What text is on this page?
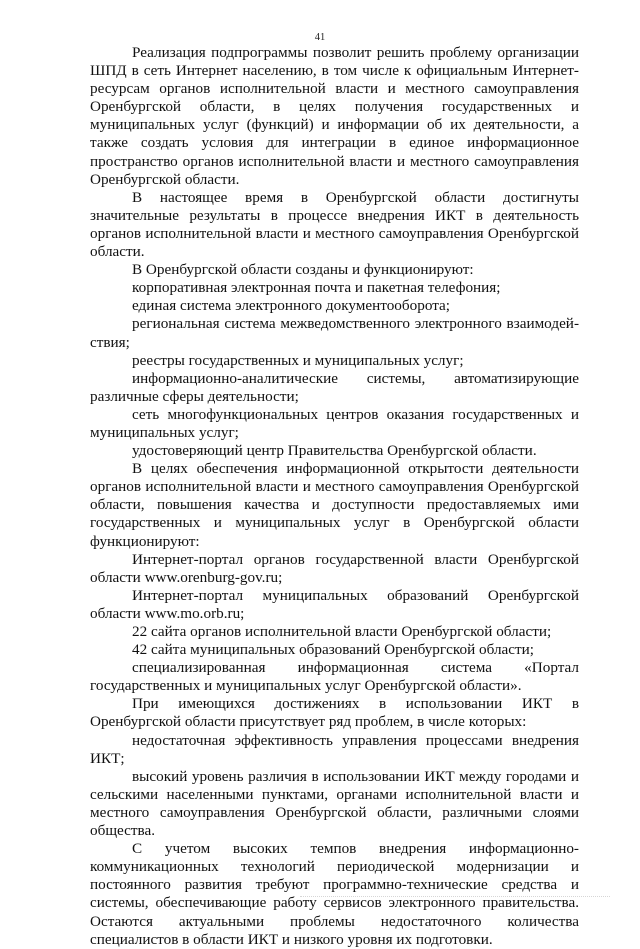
41

Реализация подпрограммы позволит решить проблему организации ШПД в сеть Интернет населению, в том числе к официальным Интернет-ресурсам органов исполнительной власти и местного самоуправления Оренбургской области, в целях получения государственных и муниципальных услуг (функций) и информации об их деятельности, а также создать условия для интеграции в единое информационное пространство органов исполнительной власти и местного самоуправления Оренбургской области.

В настоящее время в Оренбургской области достигнуты значительные результаты в процессе внедрения ИКТ в деятельность органов исполнительной власти и местного самоуправления Оренбургской области.

В Оренбургской области созданы и функционируют:

корпоративная электронная почта и пакетная телефония;

единая система электронного документооборота;

региональная система межведомственного электронного взаимодействия;

реестры государственных и муниципальных услуг;

информационно-аналитические системы, автоматизирующие различные сферы деятельности;

сеть многофункциональных центров оказания государственных и муниципальных услуг;

удостоверяющий центр Правительства Оренбургской области.

В целях обеспечения информационной открытости деятельности органов исполнительной власти и местного самоуправления Оренбургской области, повышения качества и доступности предоставляемых ими государственных и муниципальных услуг в Оренбургской области функционируют:

Интернет-портал органов государственной власти Оренбургской области www.orenburg-gov.ru;

Интернет-портал муниципальных образований Оренбургской области www.mo.orb.ru;

22 сайта органов исполнительной власти Оренбургской области;

42 сайта муниципальных образований Оренбургской области;

специализированная информационная система «Портал государственных и муниципальных услуг Оренбургской области».

При имеющихся достижениях в использовании ИКТ в Оренбургской области присутствует ряд проблем, в числе которых:

недостаточная эффективность управления процессами внедрения ИКТ;

высокий уровень различия в использовании ИКТ между городами и сельскими населенными пунктами, органами исполнительной власти и местного самоуправления Оренбургской области, различными слоями общества.

С учетом высоких темпов внедрения информационно-коммуникационных технологий периодической модернизации и постоянного развития требуют программно-технические средства и системы, обеспечивающие работу сервисов электронного правительства. Остаются актуальными проблемы недостаточного количества специалистов в области ИКТ и низкого уровня их подготовки.
